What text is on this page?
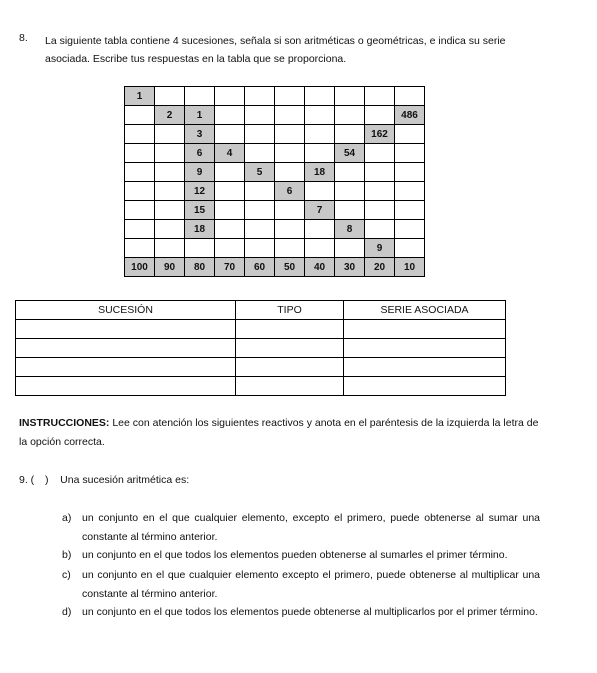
8. La siguiente tabla contiene 4 sucesiones, señala si son aritméticas o geométricas, e indica su serie asociada. Escribe tus respuestas en la tabla que se proporciona.
1									
	2	1							486
		3						162	
		6	4				54		
		9		5		18			
		12			6				
		15				7			
		18					8		
								9	
100	90	80	70	60	50	40	30	20	10
SUCESIÓN	TIPO	SERIE ASOCIADA

INSTRUCCIONES: Lee con atención los siguientes reactivos y anota en el paréntesis de la izquierda la letra de la opción correcta.
9. ( ) Una sucesión aritmética es:
a) un conjunto en el que cualquier elemento, excepto el primero, puede obtenerse al sumar una constante al término anterior.
b) un conjunto en el que todos los elementos pueden obtenerse al sumarles el primer término.
c) un conjunto en el que cualquier elemento excepto el primero, puede obtenerse al multiplicar una constante al término anterior.
d) un conjunto en el que todos los elementos puede obtenerse al multiplicarlos por el primer término.
